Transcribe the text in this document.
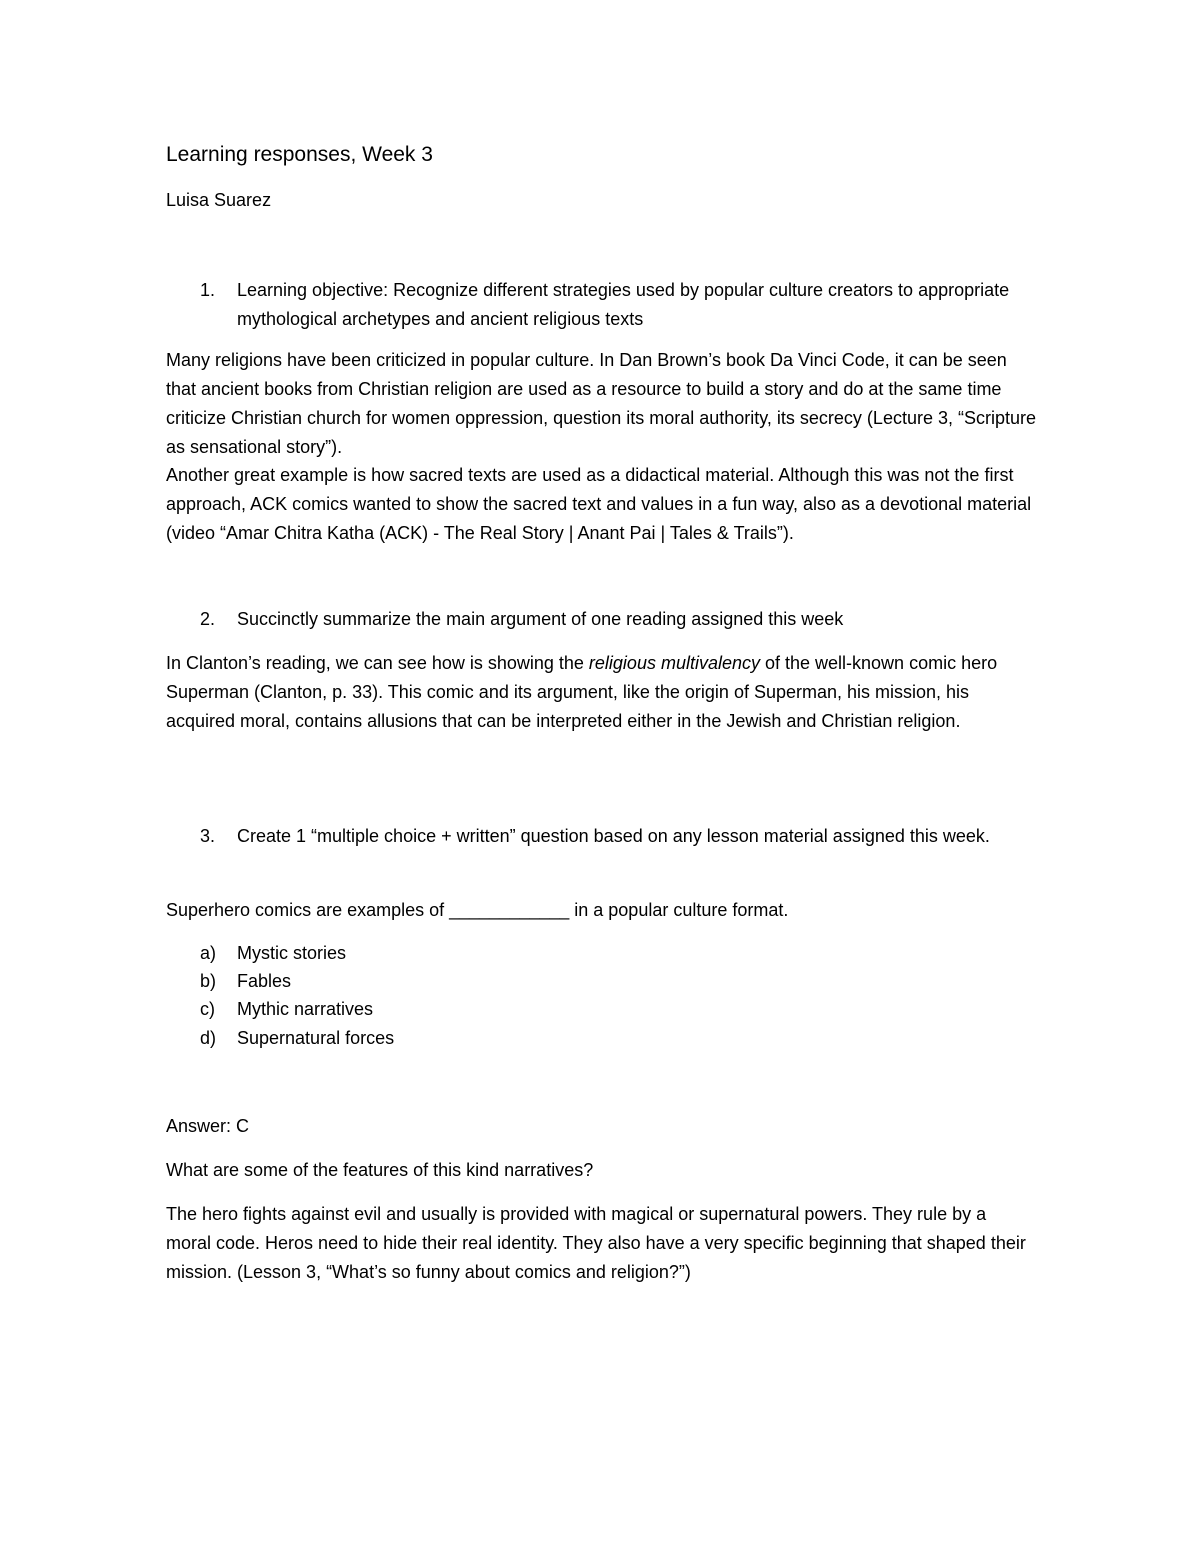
Learning responses, Week 3
Luisa Suarez
1. Learning objective: Recognize different strategies used by popular culture creators to appropriate mythological archetypes and ancient religious texts

Many religions have been criticized in popular culture. In Dan Brown’s book Da Vinci Code, it can be seen that ancient books from Christian religion are used as a resource to build a story and do at the same time criticize Christian church for women oppression, question its moral authority, its secrecy (Lecture 3, “Scripture as sensational story”).

Another great example is how sacred texts are used as a didactical material. Although this was not the first approach, ACK comics wanted to show the sacred text and values in a fun way, also as a devotional material (video “Amar Chitra Katha (ACK) - The Real Story | Anant Pai | Tales & Trails”).

2. Succinctly summarize the main argument of one reading assigned this week

In Clanton’s reading, we can see how is showing the religious multivalency of the well-known comic hero Superman (Clanton, p. 33). This comic and its argument, like the origin of Superman, his mission, his acquired moral, contains allusions that can be interpreted either in the Jewish and Christian religion.

3. Create 1 “multiple choice + written” question based on any lesson material assigned this week.

Superhero comics are examples of ____________ in a popular culture format.

a) Mystic stories
b) Fables
c) Mythic narratives
d) Supernatural forces

Answer: C

What are some of the features of this kind narratives?

The hero fights against evil and usually is provided with magical or supernatural powers. They rule by a moral code. Heros need to hide their real identity. They also have a very specific beginning that shaped their mission. (Lesson 3, “What’s so funny about comics and religion?”)
